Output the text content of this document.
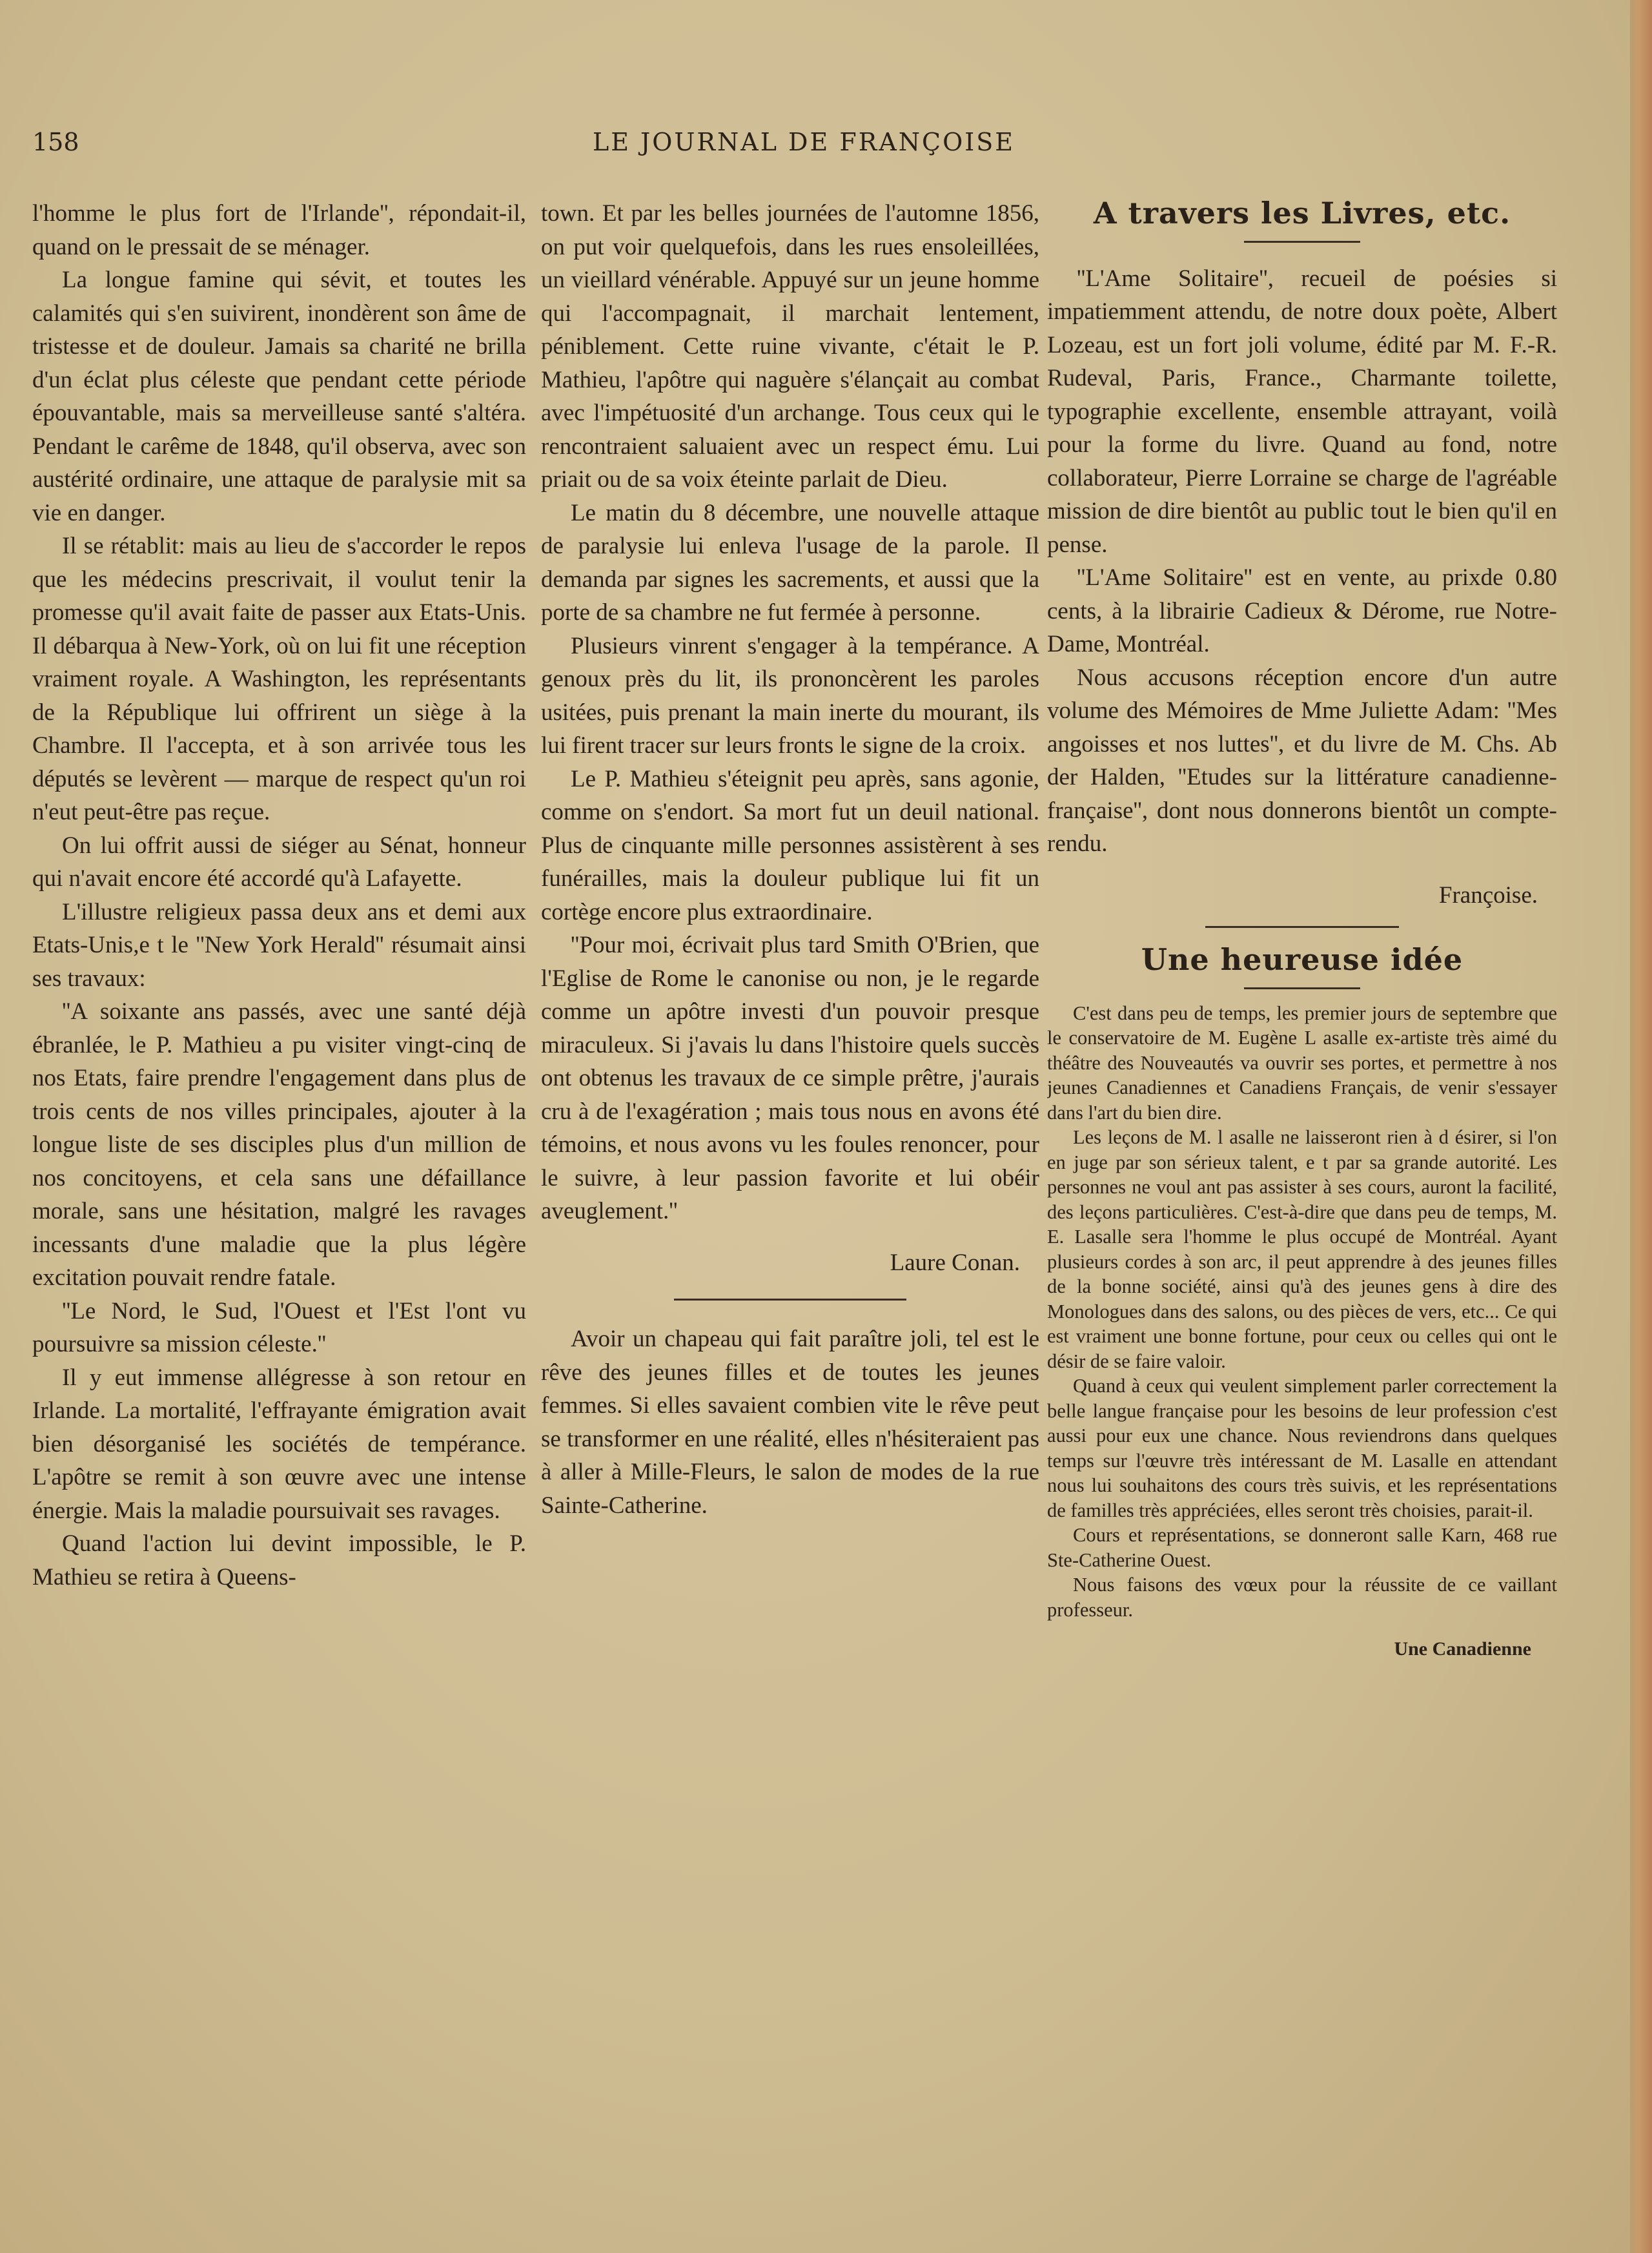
158	LE JOURNAL DE FRANÇOISE

l'homme le plus fort de l'Irlande'', répondait-il, quand on le pressait de se ménager.

La longue famine qui sévit, et toutes les calamités qui s'en suivirent, inondèrent son âme de tristesse et de douleur. Jamais sa charité ne brilla d'un éclat plus céleste que pendant cette période épouvantable, mais sa merveilleuse santé s'altéra. Pendant le carême de 1848, qu'il observa, avec son austérité ordinaire, une attaque de paralysie mit sa vie en danger.

Il se rétablit: mais au lieu de s'accorder le repos que les médecins prescrivait, il voulut tenir la promesse qu'il avait faite de passer aux Etats-Unis. Il débarqua à New-York, où on lui fit une réception vraiment royale. A Washington, les représentants de la République lui offrirent un siège à la Chambre. Il l'accepta, et à son arrivée tous les députés se levèrent — marque de respect qu'un roi n'eut peut-être pas reçue.

On lui offrit aussi de siéger au Sénat, honneur qui n'avait encore été accordé qu'à Lafayette.

L'illustre religieux passa deux ans et demi aux Etats-Unis,e t le ''New York Herald'' résumait ainsi ses travaux:

''A soixante ans passés, avec une santé déjà ébranlée, le P. Mathieu a pu visiter vingt-cinq de nos Etats, faire prendre l'engagement dans plus de trois cents de nos villes principales, ajouter à la longue liste de ses disciples plus d'un million de nos concitoyens, et cela sans une défaillance morale, sans une hésitation, malgré les ravages incessants d'une maladie que la plus légère excitation pouvait rendre fatale.

''Le Nord, le Sud, l'Ouest et l'Est l'ont vu poursuivre sa mission céleste.''

Il y eut immense allégresse à son retour en Irlande. La mortalité, l'effrayante émigration avait bien désorganisé les sociétés de tempérance. L'apôtre se remit à son œuvre avec une intense énergie. Mais la maladie poursuivait ses ravages.

Quand l'action lui devint impossible, le P. Mathieu se retira à Queens-

town. Et par les belles journées de l'automne 1856, on put voir quelquefois, dans les rues ensoleillées, un vieillard vénérable. Appuyé sur un jeune homme qui l'accompagnait, il marchait lentement, péniblement. Cette ruine vivante, c'était le P. Mathieu, l'apôtre qui naguère s'élançait au combat avec l'impétuosité d'un archange. Tous ceux qui le rencontraient saluaient avec un respect ému. Lui priait ou de sa voix éteinte parlait de Dieu.

Le matin du 8 décembre, une nouvelle attaque de paralysie lui enleva l'usage de la parole. Il demanda par signes les sacrements, et aussi que la porte de sa chambre ne fut fermée à personne.

Plusieurs vinrent s'engager à la tempérance. A genoux près du lit, ils prononcèrent les paroles usitées, puis prenant la main inerte du mourant, ils lui firent tracer sur leurs fronts le signe de la croix.

Le P. Mathieu s'éteignit peu après, sans agonie, comme on s'endort. Sa mort fut un deuil national. Plus de cinquante mille personnes assistèrent à ses funérailles, mais la douleur publique lui fit un cortège encore plus extraordinaire.

''Pour moi, écrivait plus tard Smith O'Brien, que l'Eglise de Rome le canonise ou non, je le regarde comme un apôtre investi d'un pouvoir presque miraculeux. Si j'avais lu dans l'histoire quels succès ont obtenus les travaux de ce simple prêtre, j'aurais cru à de l'exagération ; mais tous nous en avons été témoins, et nous avons vu les foules renoncer, pour le suivre, à leur passion favorite et lui obéir aveuglement.''

Laure Conan.

Avoir un chapeau qui fait paraître joli, tel est le rêve des jeunes filles et de toutes les jeunes femmes. Si elles savaient combien vite le rêve peut se transformer en une réalité, elles n'hésiteraient pas à aller à Mille-Fleurs, le salon de modes de la rue Sainte-Catherine.

A travers les Livres, etc.

''L'Ame Solitaire'', recueil de poésies si impatiemment attendu, de notre doux poète, Albert Lozeau, est un fort joli volume, édité par M. F.-R. Rudeval, Paris, France., Charmante toilette, typographie excellente, ensemble attrayant, voilà pour la forme du livre. Quand au fond, notre collaborateur, Pierre Lorraine se charge de l'agréable mission de dire bientôt au public tout le bien qu'il en pense.

''L'Ame Solitaire'' est en vente, au prixde 0.80 cents, à la librairie Cadieux & Dérome, rue Notre-Dame, Montréal.

Nous accusons réception encore d'un autre volume des Mémoires de Mme Juliette Adam: ''Mes angoisses et nos luttes'', et du livre de M. Chs. Ab der Halden, ''Etudes sur la littérature canadienne-française'', dont nous donnerons bientôt un compte-rendu.

Françoise.
Une heureuse idée

C'est dans peu de temps, les premier jours de septembre que le conservatoire de M. Eugène L asalle ex-artiste très aimé du théâtre des Nouveautés va ouvrir ses portes, et permettre à nos jeunes Canadiennes et Canadiens Français, de venir s'essayer dans l'art du bien dire.

Les leçons de M. l asalle ne laisseront rien à d ésirer, si l'on en juge par son sérieux talent, e t par sa grande autorité. Les personnes ne voul ant pas assister à ses cours, auront la facilité, des leçons particulières. C'est-à-dire que dans peu de temps, M. E. Lasalle sera l'homme le plus occupé de Montréal. Ayant plusieurs cordes à son arc, il peut apprendre à des jeunes filles de la bonne société, ainsi qu'à des jeunes gens à dire des Monologues dans des salons, ou des pièces de vers, etc... Ce qui est vraiment une bonne fortune, pour ceux ou celles qui ont le désir de se faire valoir.

Quand à ceux qui veulent simplement parler correctement la belle langue française pour les besoins de leur profession c'est aussi pour eux une chance. Nous reviendrons dans quelques temps sur l'œuvre très intéressant de M. Lasalle en attendant nous lui souhaitons des cours très suivis, et les représentations de familles très appréciées, elles seront très choisies, parait-il.

Cours et représentations, se donneront salle Karn, 468 rue Ste-Catherine Ouest.

Nous faisons des vœux pour la réussite de ce vaillant professeur.

Une Canadienne
